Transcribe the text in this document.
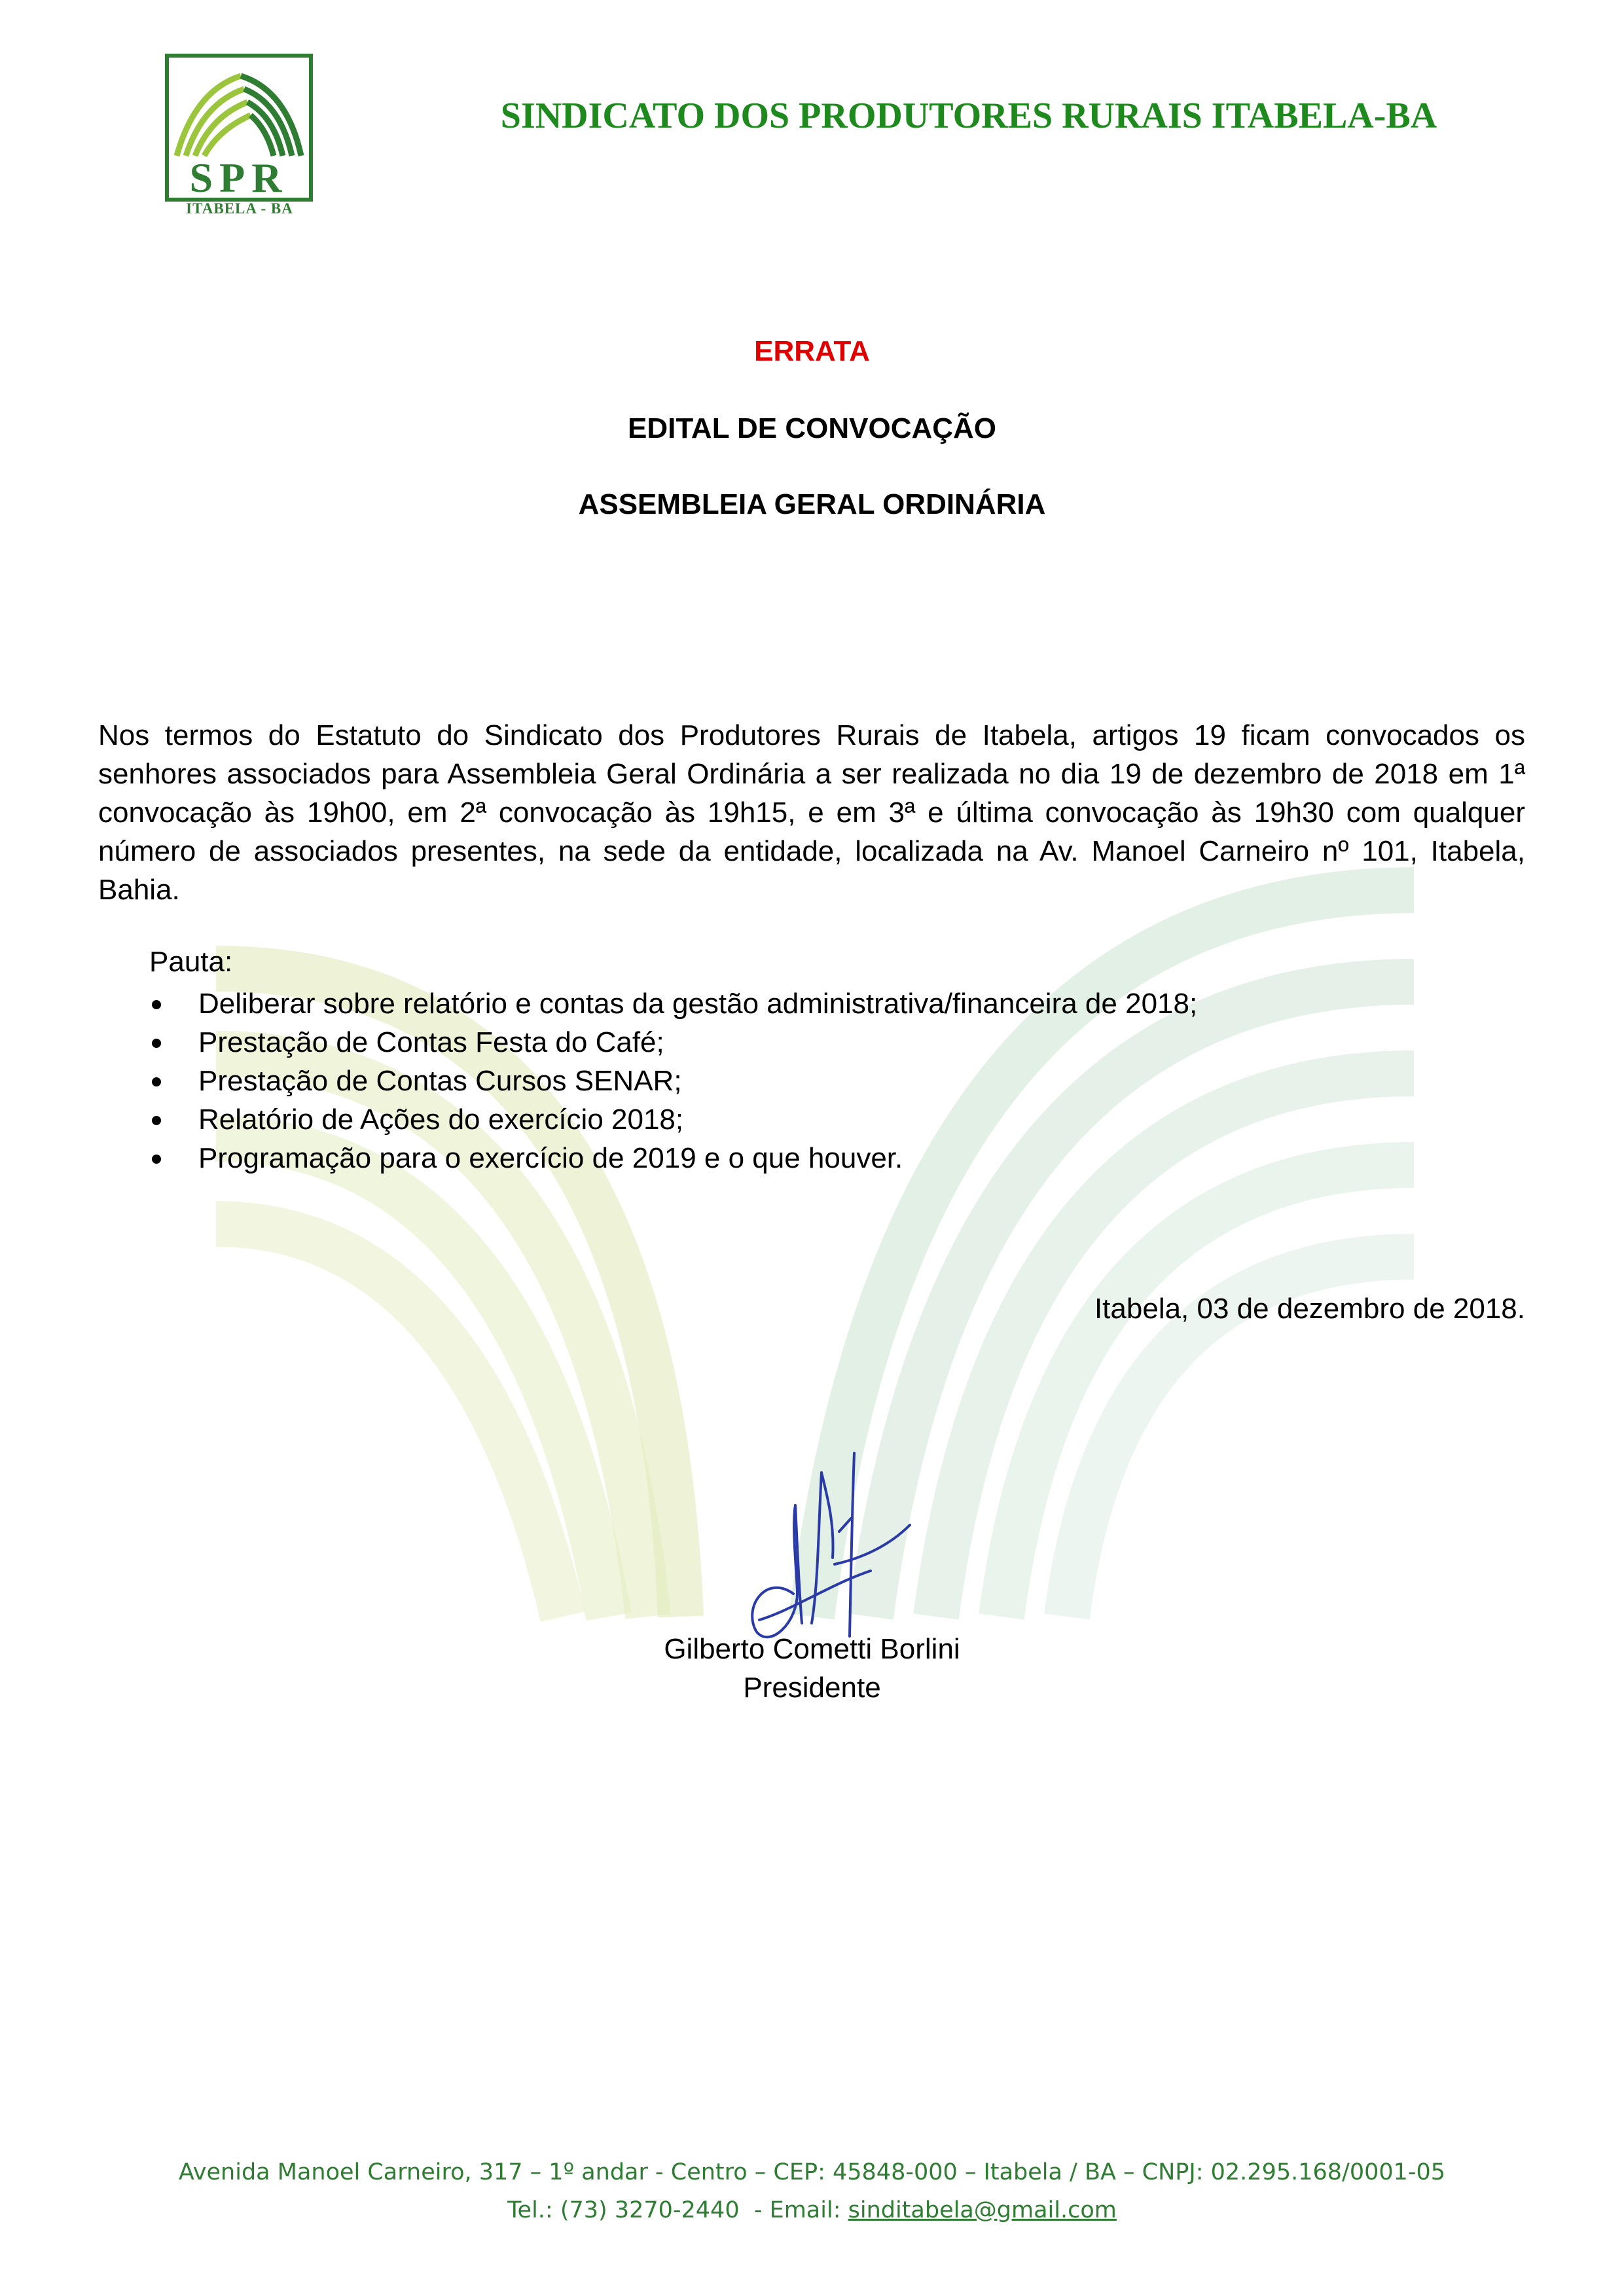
SPR
ITABELA - BA
SINDICATO DOS PRODUTORES RURAIS ITABELA-BA
ERRATA
EDITAL DE CONVOCAÇÃO
ASSEMBLEIA GERAL ORDINÁRIA
Nos termos do Estatuto do Sindicato dos Produtores Rurais de Itabela, artigos 19 ficam convocados os senhores associados para Assembleia Geral Ordinária a ser realizada no dia 19 de dezembro de 2018 em 1ª convocação às 19h00, em 2ª convocação às 19h15, e em 3ª e última convocação às 19h30 com qualquer número de associados presentes, na sede da entidade, localizada na Av. Manoel Carneiro nº 101, Itabela, Bahia.
Pauta:
Deliberar sobre relatório e contas da gestão administrativa/financeira de 2018;
Prestação de Contas Festa do Café;
Prestação de Contas Cursos SENAR;
Relatório de Ações do exercício 2018;
Programação para o exercício de 2019 e o que houver.
Itabela, 03 de dezembro de 2018.
Gilberto Cometti Borlini
Presidente
Avenida Manoel Carneiro, 317 – 1º andar - Centro – CEP: 45848-000 – Itabela / BA – CNPJ: 02.295.168/0001-05
Tel.: (73) 3270-2440  - Email: sinditabela@gmail.com
